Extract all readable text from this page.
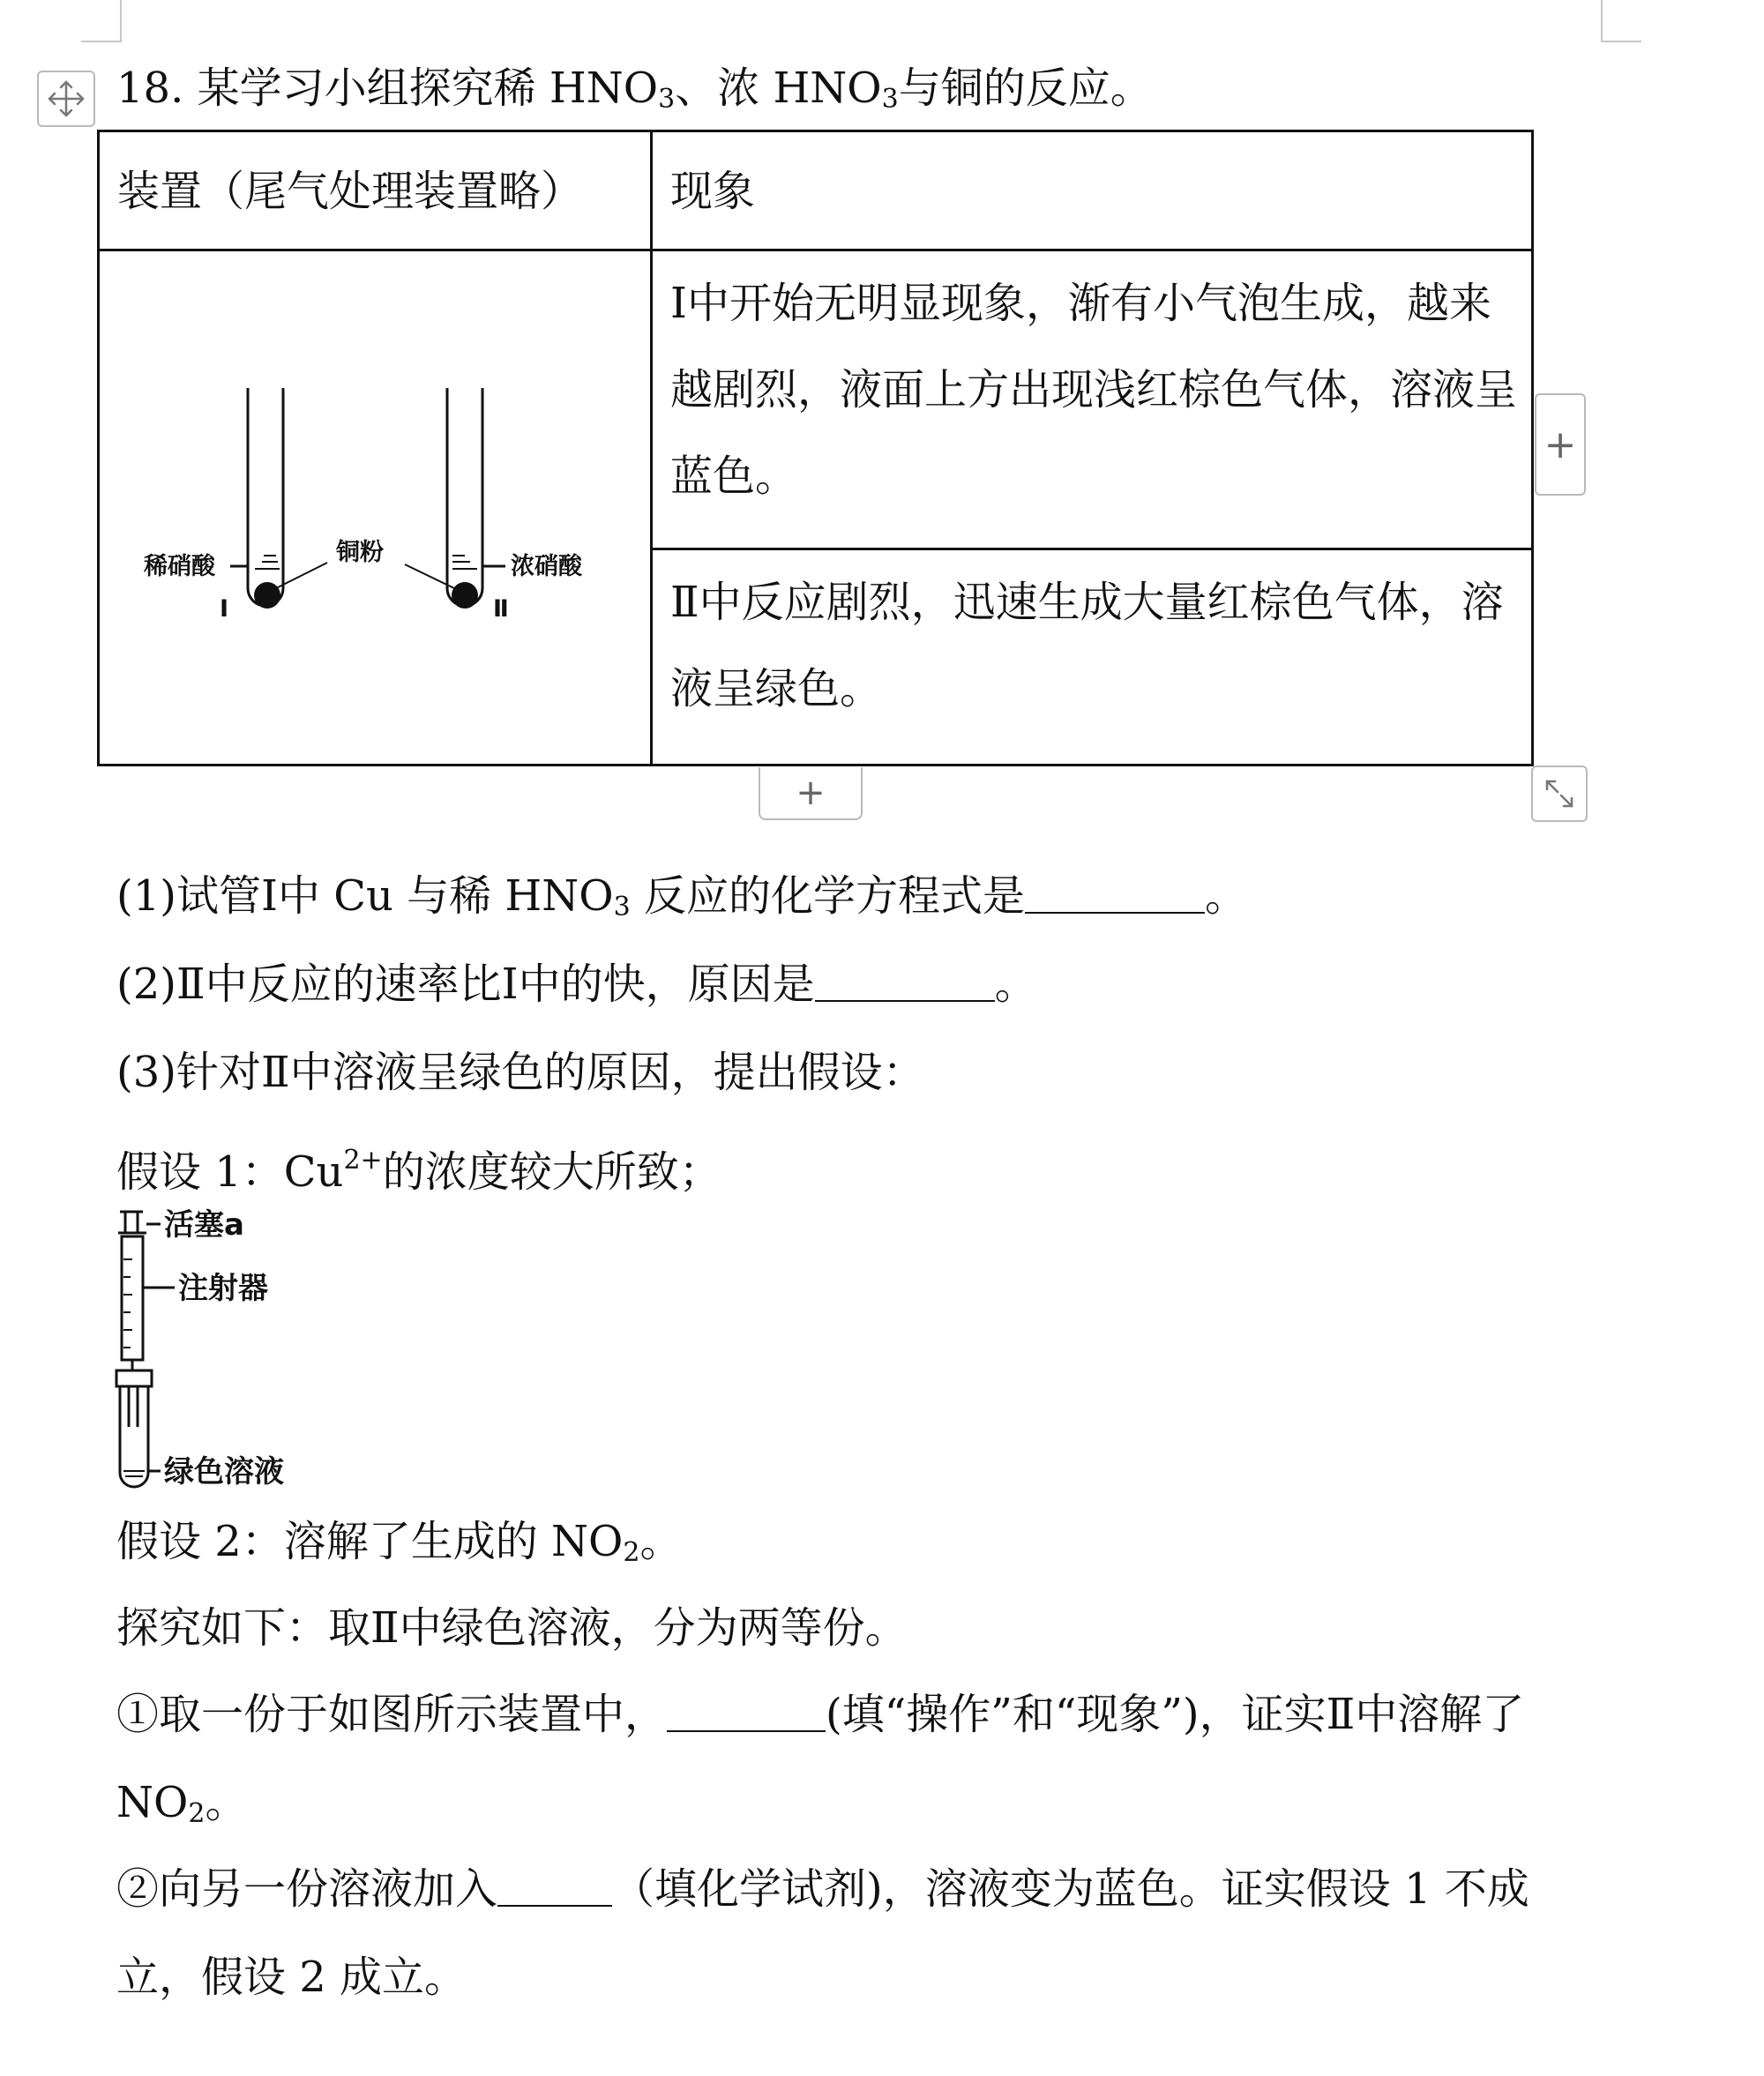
18. 某学习小组探究稀 $HNO_3$、浓 $HNO_3$与铜的反应。
装置（尾气处理装置略）	现象

稀硝酸
铜粉
浓硝酸
I Ⅱ	I中开始无明显现象，渐有小气泡生成，越来越剧烈，液面上方出现浅红棕色气体，溶液呈蓝色。
	Ⅱ中反应剧烈，迅速生成大量红棕色气体，溶液呈绿色。
+
+
(1)试管I中 Cu 与稀 $HNO_3$ 反应的化学方程式是	。
(2)Ⅱ中反应的速率比I中的快，原因是	。
(3)针对Ⅱ中溶液呈绿色的原因，提出假设：
假设 1：$Cu^{2+}$的浓度较大所致；
活塞a
注射器
绿色溶液
假设 2：溶解了生成的 $NO_2$。
探究如下：取Ⅱ中绿色溶液，分为两等份。
①取一份于如图所示装置中，	(填“操作”和“现象”)，证实Ⅱ中溶解了
$NO_2$。
②向另一份溶液加入	（填化学试剂)，溶液变为蓝色。证实假设 1 不成
立，假设 2 成立。
